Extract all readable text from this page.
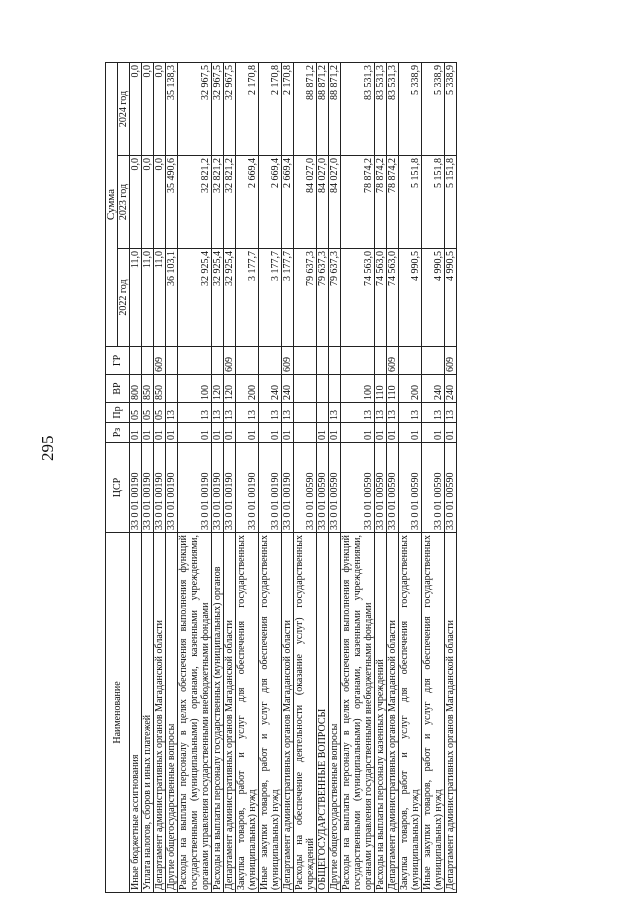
295
Наименование	ЦСР	Рз	Пр	ВР	ГР	Сумма		
						2022 год	2023 год	2024 год
Иные бюджетные ассигнования	33 0 01 00190	01	05	800		11,0	0,0	0,0
Уплата налогов, сборов и иных платежей	33 0 01 00190	01	05	850		11,0	0,0	0,0
Департамент административных органов Магаданской области	33 0 01 00190	01	05	850	609	11,0	0,0	0,0
Другие общегосударственные вопросы	33 0 01 00190	01	13			36 103,1	35 490,6	35 138,3
Расходы на выплаты персоналу в целях обеспечения выполнения функций государственными (муниципальными) органами, казенными учреждениями, органами управления государственными внебюджетными фондами	33 0 01 00190	01	13	100		32 925,4	32 821,2	32 967,5
Расходы на выплаты персоналу государственных (муниципальных) органов	33 0 01 00190	01	13	120		32 925,4	32 821,2	32 967,5
Департамент административных органов Магаданской области	33 0 01 00190	01	13	120	609	32 925,4	32 821,2	32 967,5
Закупка товаров, работ и услуг для обеспечения государственных (муниципальных) нужд	33 0 01 00190	01	13	200		3 177,7	2 669,4	2 170,8
Иные закупки товаров, работ и услуг для обеспечения государственных (муниципальных) нужд	33 0 01 00190	01	13	240		3 177,7	2 669,4	2 170,8
Департамент административных органов Магаданской области	33 0 01 00190	01	13	240	609	3 177,7	2 669,4	2 170,8
Расходы на обеспечение деятельности (оказание услуг) государственных учреждений	33 0 01 00590					79 637,3	84 027,0	88 871,2
ОБЩЕГОСУДАРСТВЕННЫЕ ВОПРОСЫ	33 0 01 00590	01				79 637,3	84 027,0	88 871,2
Другие общегосударственные вопросы	33 0 01 00590	01	13			79 637,3	84 027,0	88 871,2
Расходы на выплаты персоналу в целях обеспечения выполнения функций государственными (муниципальными) органами, казенными учреждениями, органами управления государственными внебюджетными фондами	33 0 01 00590	01	13	100		74 563,0	78 874,2	83 531,3
Расходы на выплаты персоналу казенных учреждений	33 0 01 00590	01	13	110		74 563,0	78 874,2	83 531,3
Департамент административных органов Магаданской области	33 0 01 00590	01	13	110	609	74 563,0	78 874,2	83 531,3
Закупка товаров, работ и услуг для обеспечения государственных (муниципальных) нужд	33 0 01 00590	01	13	200		4 990,5	5 151,8	5 338,9
Иные закупки товаров, работ и услуг для обеспечения государственных (муниципальных) нужд	33 0 01 00590	01	13	240		4 990,5	5 151,8	5 338,9
Департамент административных органов Магаданской области	33 0 01 00590	01	13	240	609	4 990,5	5 151,8	5 338,9
